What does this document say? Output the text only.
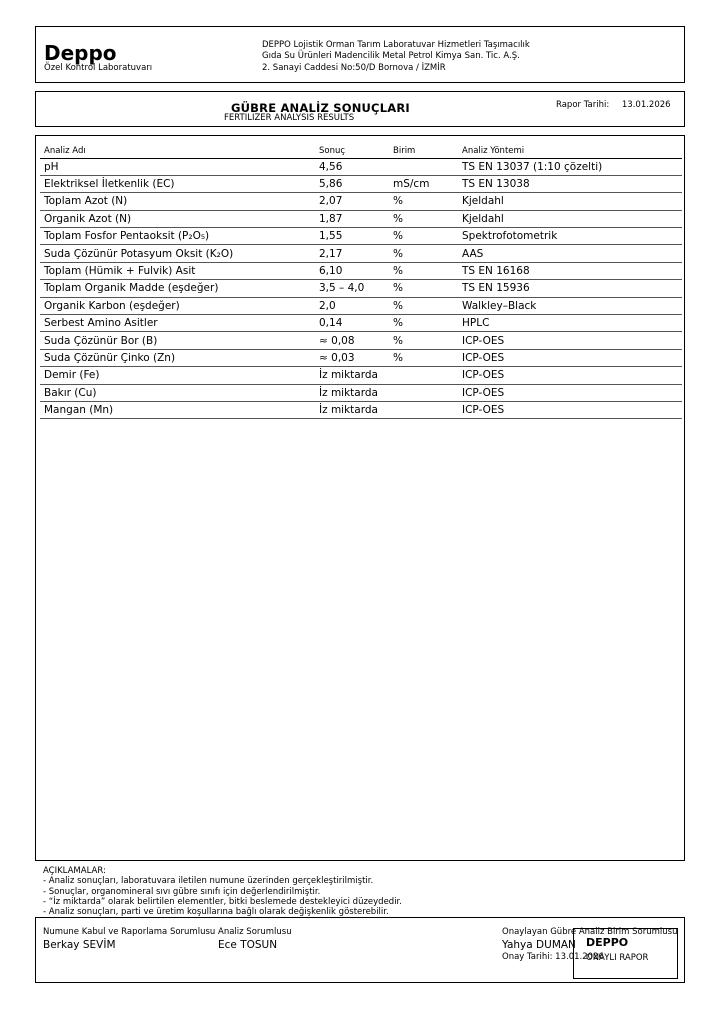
Deppo
Özel Kontrol Laboratuvarı
DEPPO Lojistik Orman Tarım Laboratuvar Hizmetleri Taşımacılık
Gıda Su Ürünleri Madencilik Metal Petrol Kimya San. Tic. A.Ş.
2. Sanayi Caddesi No:50/D Bornova / İZMİR
GÜBRE ANALİZ SONUÇLARI
FERTILIZER ANALYSIS RESULTS
Rapor Tarihi: 13.01.2026
Analiz Adı	Sonuç	Birim	Analiz Yöntemi
pH	4,56		TS EN 13037 (1:10 çözelti)
Elektriksel İletkenlik (EC)	5,86	mS/cm	TS EN 13038
Toplam Azot (N)	2,07	%	Kjeldahl
Organik Azot (N)	1,87	%	Kjeldahl
Toplam Fosfor Pentaoksit (P₂O₅)	1,55	%	Spektrofotometrik
Suda Çözünür Potasyum Oksit (K₂O)	2,17	%	AAS
Toplam (Hümik + Fulvik) Asit	6,10	%	TS EN 16168
Toplam Organik Madde (eşdeğer)	3,5 – 4,0	%	TS EN 15936
Organik Karbon (eşdeğer)	2,0	%	Walkley–Black
Serbest Amino Asitler	0,14	%	HPLC
Suda Çözünür Bor (B)	≈ 0,08	%	ICP-OES
Suda Çözünür Çinko (Zn)	≈ 0,03	%	ICP-OES
Demir (Fe)	İz miktarda		ICP-OES
Bakır (Cu)	İz miktarda		ICP-OES
Mangan (Mn)	İz miktarda		ICP-OES
AÇIKLAMALAR:
- Analiz sonuçları, laboratuvara iletilen numune üzerinden gerçekleştirilmiştir.
- Sonuçlar, organomineral sıvı gübre sınıfı için değerlendirilmiştir.
- “İz miktarda” olarak belirtilen elementler, bitki beslemede destekleyici düzeydedir.
- Analiz sonuçları, parti ve üretim koşullarına bağlı olarak değişkenlik gösterebilir.
Numune Kabul ve Raporlama Sorumlusu
Berkay SEVİM
Analiz Sorumlusu
Ece TOSUN
Onaylayan Gübre Analiz Birim Sorumlusu
Yahya DUMAN
Onay Tarihi: 13.01.2026
DEPPO
ONAYLI RAPOR
